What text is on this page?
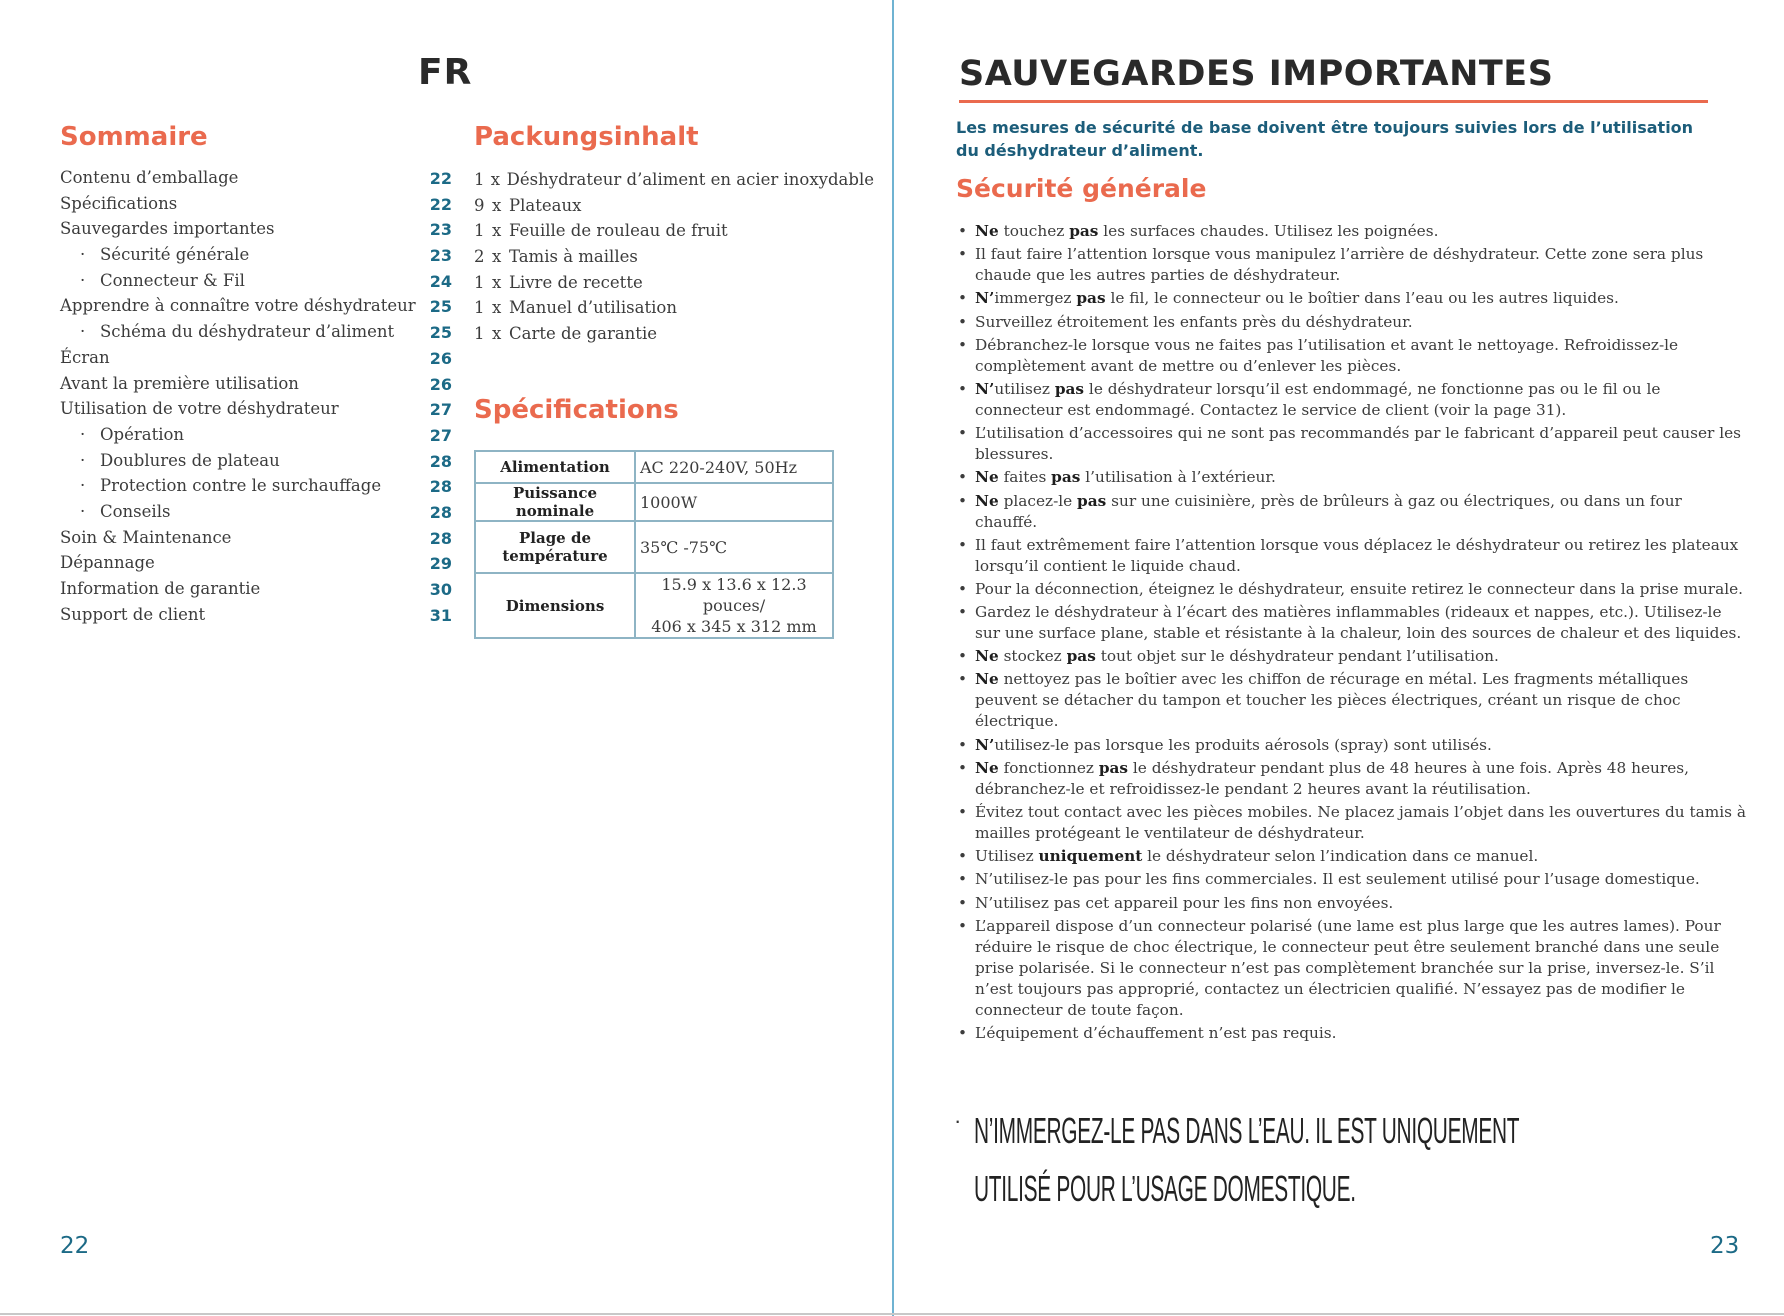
FR
Sommaire
Contenu d’emballage	22
Spécifications	22
Sauvegardes importantes	23
· Sécurité générale	23
· Connecteur & Fil	24
Apprendre à connaître votre déshydrateur 25
· Schéma du déshydrateur d’aliment 25
Écran	26
Avant la première utilisation	26
Utilisation de votre déshydrateur	27
· Opération	27
· Doublures de plateau	28
· Protection contre le surchauffage	28
· Conseils	28
Soin & Maintenance	28
Dépannage	29
Information de garantie	30
Support de client	31
Packungsinhalt
1 x Déshydrateur d’aliment en acier inoxydable
9 x Plateaux
1 x Feuille de rouleau de fruit
2 x Tamis à mailles
1 x Livre de recette
1 x Manuel d’utilisation
1 x Carte de garantie
Spécifications
Alimentation	AC 220-240V, 50Hz
Puissance nominale	1000W
Plage de température	35℃ -75℃
Dimensions	15.9 x 13.6 x 12.3 pouces/
406 x 345 x 312 mm
22
SAUVEGARDES IMPORTANTES
Les mesures de sécurité de base doivent être toujours suivies lors de l’utilisation du déshydrateur d’aliment.
Sécurité générale
• Ne touchez pas les surfaces chaudes. Utilisez les poignées.
• Il faut faire l’attention lorsque vous manipulez l’arrière de déshydrateur. Cette zone sera plus chaude que les autres parties de déshydrateur.
• N’immergez pas le fil, le connecteur ou le boîtier dans l’eau ou les autres liquides.
• Surveillez étroitement les enfants près du déshydrateur.
• Débranchez-le lorsque vous ne faites pas l’utilisation et avant le nettoyage. Refroidissez-le complètement avant de mettre ou d’enlever les pièces.
• N’utilisez pas le déshydrateur lorsqu’il est endommagé, ne fonctionne pas ou le fil ou le connecteur est endommagé. Contactez le service de client (voir la page 31).
• L’utilisation d’accessoires qui ne sont pas recommandés par le fabricant d’appareil peut causer les blessures.
• Ne faites pas l’utilisation à l’extérieur.
• Ne placez-le pas sur une cuisinière, près de brûleurs à gaz ou électriques, ou dans un four chauffé.
• Il faut extrêmement faire l’attention lorsque vous déplacez le déshydrateur ou retirez les plateaux lorsqu’il contient le liquide chaud.
• Pour la déconnection, éteignez le déshydrateur, ensuite retirez le connecteur dans la prise murale.
• Gardez le déshydrateur à l’écart des matières inflammables (rideaux et nappes, etc.). Utilisez-le sur une surface plane, stable et résistante à la chaleur, loin des sources de chaleur et des liquides.
• Ne stockez pas tout objet sur le déshydrateur pendant l’utilisation.
• Ne nettoyez pas le boîtier avec les chiffon de récurage en métal. Les fragments métalliques peuvent se détacher du tampon et toucher les pièces électriques, créant un risque de choc électrique.
• N’utilisez-le pas lorsque les produits aérosols (spray) sont utilisés.
• Ne fonctionnez pas le déshydrateur pendant plus de 48 heures à une fois. Après 48 heures, débranchez-le et refroidissez-le pendant 2 heures avant la réutilisation.
• Évitez tout contact avec les pièces mobiles. Ne placez jamais l’objet dans les ouvertures du tamis à mailles protégeant le ventilateur de déshydrateur.
• Utilisez uniquement le déshydrateur selon l’indication dans ce manuel.
• N’utilisez-le pas pour les fins commerciales. Il est seulement utilisé pour l’usage domestique.
• N’utilisez pas cet appareil pour les fins non envoyées.
• L’appareil dispose d’un connecteur polarisé (une lame est plus large que les autres lames). Pour réduire le risque de choc électrique, le connecteur peut être seulement branché dans une seule prise polarisée. Si le connecteur n’est pas complètement branchée sur la prise, inversez-le. S’il n’est toujours pas approprié, contactez un électricien qualifié. N’essayez pas de modifier le connecteur de toute façon.
• L’équipement d’échauffement n’est pas requis.
· N’IMMERGEZ-LE PAS DANS L’EAU. IL EST UNIQUEMENT
UTILISÉ POUR L’USAGE DOMESTIQUE.
23
